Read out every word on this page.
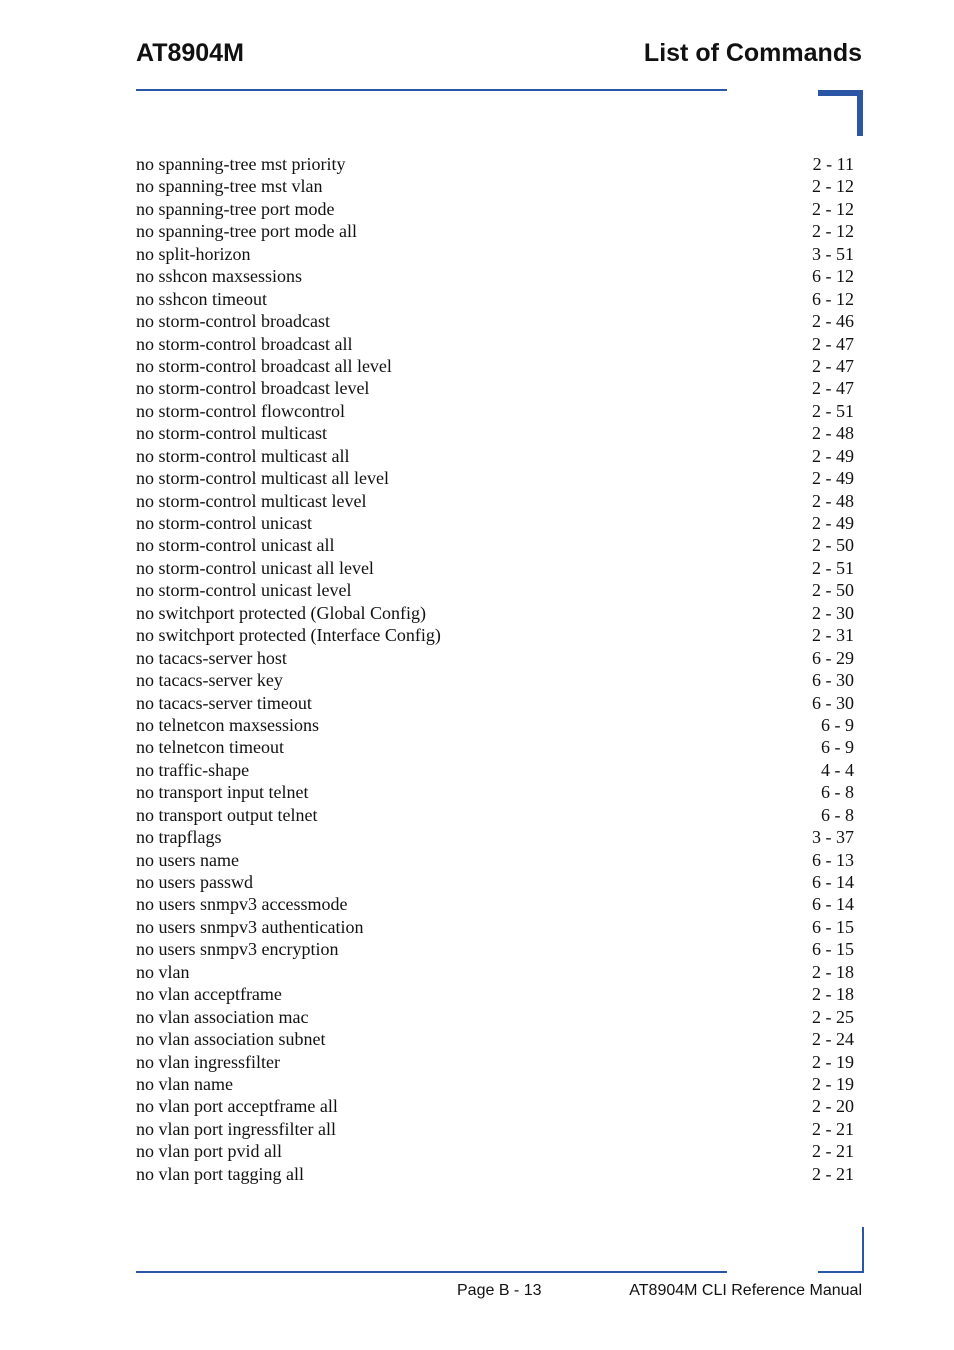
AT8904M	List of Commands
no spanning-tree mst priority	2 - 11
no spanning-tree mst vlan	2 - 12
no spanning-tree port mode	2 - 12
no spanning-tree port mode all	2 - 12
no split-horizon	3 - 51
no sshcon maxsessions	6 - 12
no sshcon timeout	6 - 12
no storm-control broadcast	2 - 46
no storm-control broadcast all	2 - 47
no storm-control broadcast all level	2 - 47
no storm-control broadcast level	2 - 47
no storm-control flowcontrol	2 - 51
no storm-control multicast	2 - 48
no storm-control multicast all	2 - 49
no storm-control multicast all level	2 - 49
no storm-control multicast level	2 - 48
no storm-control unicast	2 - 49
no storm-control unicast all	2 - 50
no storm-control unicast all level	2 - 51
no storm-control unicast level	2 - 50
no switchport protected (Global Config)	2 - 30
no switchport protected (Interface Config)	2 - 31
no tacacs-server host	6 - 29
no tacacs-server key	6 - 30
no tacacs-server timeout	6 - 30
no telnetcon maxsessions	6 - 9
no telnetcon timeout	6 - 9
no traffic-shape	4 - 4
no transport input telnet	6 - 8
no transport output telnet	6 - 8
no trapflags	3 - 37
no users name	6 - 13
no users passwd	6 - 14
no users snmpv3 accessmode	6 - 14
no users snmpv3 authentication	6 - 15
no users snmpv3 encryption	6 - 15
no vlan	2 - 18
no vlan acceptframe	2 - 18
no vlan association mac	2 - 25
no vlan association subnet	2 - 24
no vlan ingressfilter	2 - 19
no vlan name	2 - 19
no vlan port acceptframe all	2 - 20
no vlan port ingressfilter all	2 - 21
no vlan port pvid all	2 - 21
no vlan port tagging all	2 - 21
Page B - 13	AT8904M CLI Reference Manual
